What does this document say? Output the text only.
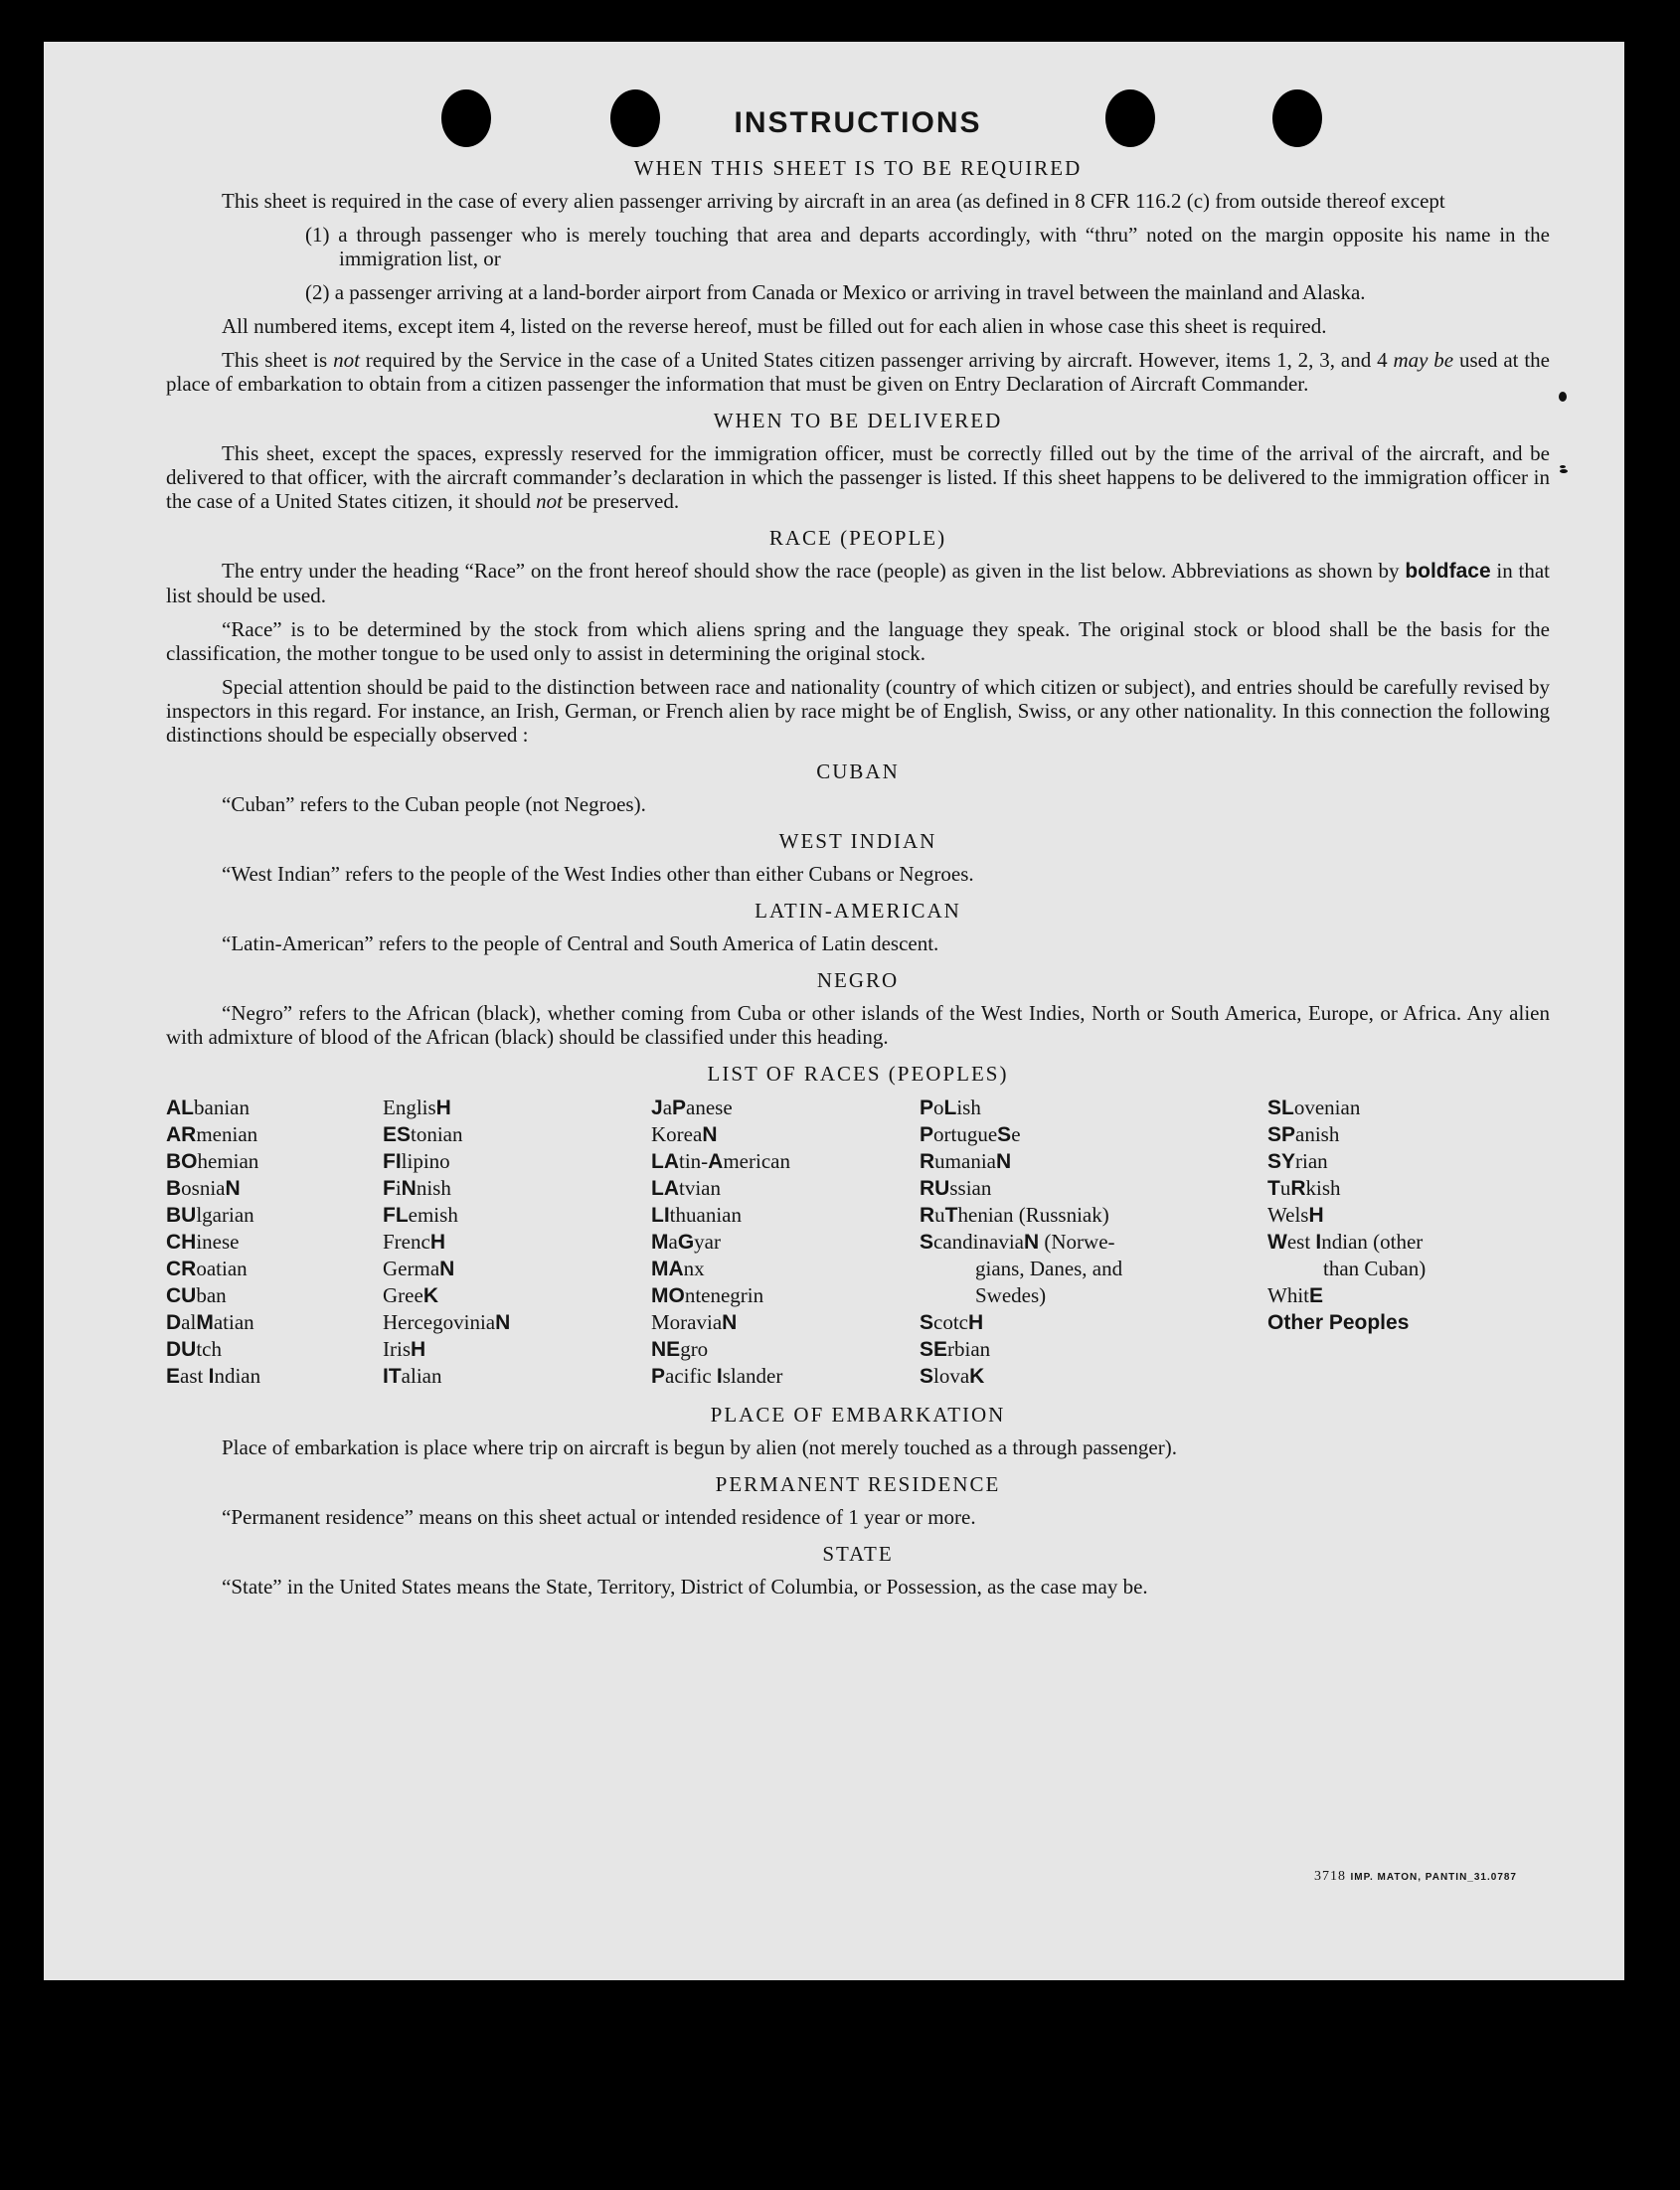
INSTRUCTIONS
WHEN THIS SHEET IS TO BE REQUIRED

This sheet is required in the case of every alien passenger arriving by aircraft in an area (as defined in 8 CFR 116.2 (c) from outside thereof except

(1) a through passenger who is merely touching that area and departs accordingly, with “thru” noted on the margin opposite his name in the immigration list, or

(2) a passenger arriving at a land-border airport from Canada or Mexico or arriving in travel between the mainland and Alaska.

All numbered items, except item 4, listed on the reverse hereof, must be filled out for each alien in whose case this sheet is required.

This sheet is not required by the Service in the case of a United States citizen passenger arriving by aircraft. However, items 1, 2, 3, and 4 may be used at the place of embarkation to obtain from a citizen passenger the information that must be given on Entry Declaration of Aircraft Commander.

WHEN TO BE DELIVERED

This sheet, except the spaces, expressly reserved for the immigration officer, must be correctly filled out by the time of the arrival of the aircraft, and be delivered to that officer, with the aircraft commander’s declaration in which the passenger is listed. If this sheet happens to be delivered to the immigration officer in the case of a United States citizen, it should not be preserved.

RACE (PEOPLE)

The entry under the heading “Race” on the front hereof should show the race (people) as given in the list below. Abbreviations as shown by boldface in that list should be used.

“Race” is to be determined by the stock from which aliens spring and the language they speak. The original stock or blood shall be the basis for the classification, the mother tongue to be used only to assist in determining the original stock.

Special attention should be paid to the distinction between race and nationality (country of which citizen or subject), and entries should be carefully revised by inspectors in this regard. For instance, an Irish, German, or French alien by race might be of English, Swiss, or any other nationality. In this connection the following distinctions should be especially observed :

CUBAN

“Cuban” refers to the Cuban people (not Negroes).

WEST INDIAN

“West Indian” refers to the people of the West Indies other than either Cubans or Negroes.

LATIN-AMERICAN

“Latin-American” refers to the people of Central and South America of Latin descent.

NEGRO

“Negro” refers to the African (black), whether coming from Cuba or other islands of the West Indies, North or South America, Europe, or Africa. Any alien with admixture of blood of the African (black) should be classified under this heading.

LIST OF RACES (PEOPLES)
ALbanian
ARmenian
BOhemian
BosniaN
BUlgarian
CHinese
CRoatian
CUban
DalMatian
DUtch
East Indian
EnglisH
EStonian
FIlipino
FiNnish
FLemish
FrencH
GermaN
GreeK
HercegoviniaN
IrisH
ITalian
JaPanese
KoreaN
LAtin-American
LAtvian
LIthuanian
MaGyar
MAnx
MOntenegrin
MoraviaN
NEgro
Pacific Islander
PoLish
PortugueSe
RumaniaN
RUssian
RuThenian (Russniak)
ScandinaviaN (Norwe-
gians, Danes, and
Swedes)
ScotcH
SErbian
SlovaK
SLovenian
SPanish
SYrian
TuRkish
WelsH
West Indian (other
than Cuban)
WhitE
Other Peoples
PLACE OF EMBARKATION

Place of embarkation is place where trip on aircraft is begun by alien (not merely touched as a through passenger).

PERMANENT RESIDENCE

“Permanent residence” means on this sheet actual or intended residence of 1 year or more.

STATE

“State” in the United States means the State, Territory, District of Columbia, or Possession, as the case may be.

3718 IMP. MATON, PANTIN_31.0787
